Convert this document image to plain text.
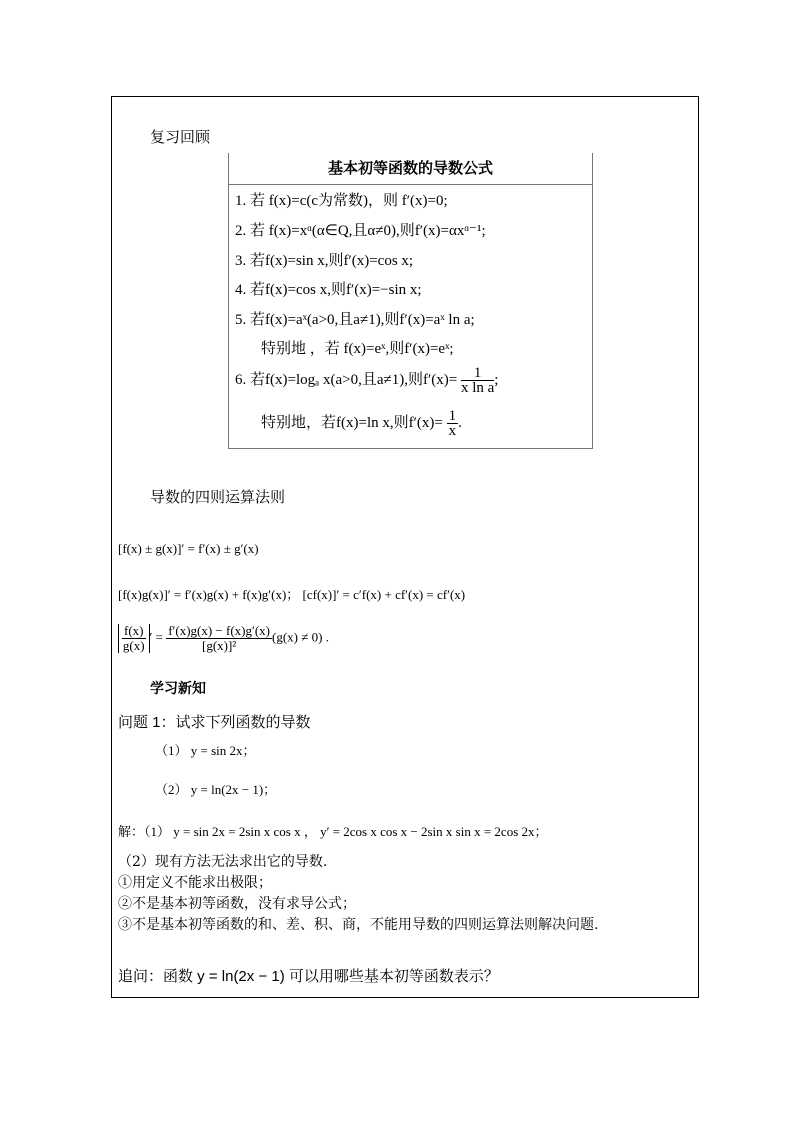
复习回顾
基本初等函数的导数公式
1. 若 f(x)=c(c为常数)，则 f′(x)=0;
2. 若 f(x)=xᵅ(α∈Q,且α≠0),则f′(x)=αxᵅ⁻¹;
3. 若f(x)=sin x,则f′(x)=cos x;
4. 若f(x)=cos x,则f′(x)=−sin x;
5. 若f(x)=aˣ(a>0,且a≠1),则f′(x)=aˣ ln a;
特别地 ，若 f(x)=eˣ,则f′(x)=eˣ;
6. 若f(x)=logₐ x(a>0,且a≠1),则$f'(x)= \frac{1}{\text{x ln a}}$ ;
特别地，若f(x)=ln x,则$f'(x)= \frac{1}{x}$ .
导数的四则运算法则
[f(x) ± g(x)]′ = f′(x) ± g′(x)
[f(x)g(x)]′ = f′(x)g(x) + f(x)g′(x)； [cf(x)]′ = c′f(x) + cf′(x) = cf′(x)
$\frac{f(x)}{g(x)}$ ′ = $\frac{f'(x)g(x) - f(x)g'(x)}{\text{[g(x)]²}} (g(x) \ne 0)$ .
学习新知
问题 1：试求下列函数的导数
（1） y = sin 2x；
（2） y = ln(2x − 1)；
解：（1） y = sin 2x = 2sin x cos x ， y′ = 2cos x cos x − 2sin x sin x = 2cos 2x；
（2）现有方法无法求出它的导数.
①用定义不能求出极限；
②不是基本初等函数，没有求导公式；
③不是基本初等函数的和、差、积、商，不能用导数的四则运算法则解决问题.
追问：函数 y = ln(2x − 1) 可以用哪些基本初等函数表示？
